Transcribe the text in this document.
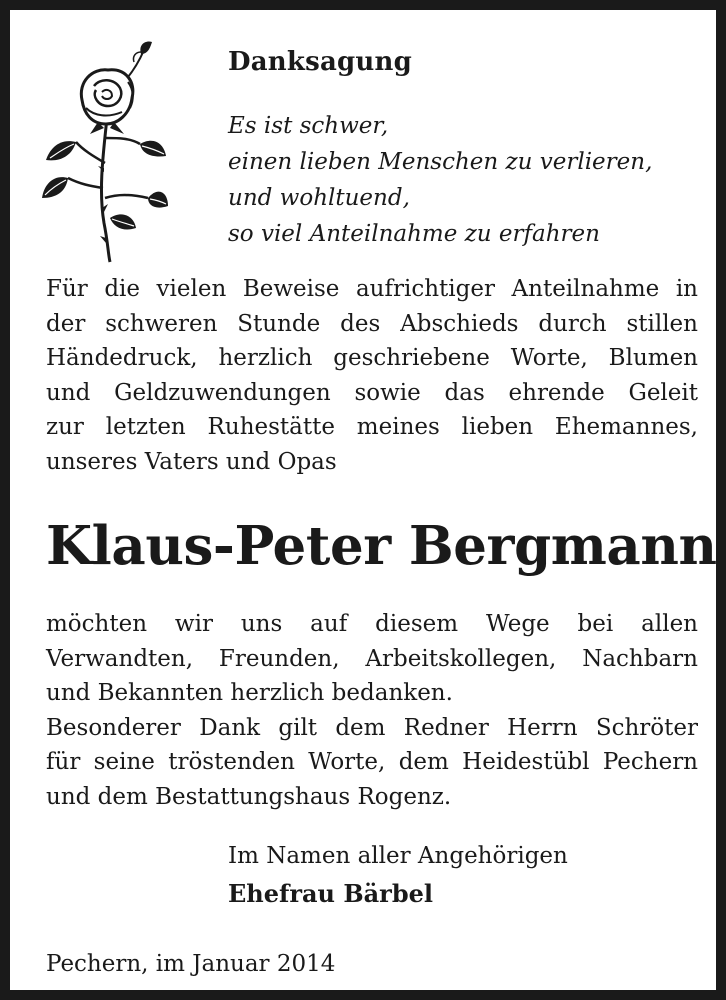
Danksagung
Es ist schwer,
einen lieben Menschen zu verlieren,
und wohltuend,
so viel Anteilnahme zu erfahren
Für die vielen Beweise aufrichtiger Anteilnahme in
der schweren Stunde des Abschieds durch stillen
Händedruck, herzlich geschriebene Worte, Blumen
und Geldzuwendungen sowie das ehrende Geleit
zur letzten Ruhestätte meines lieben Ehemannes,
unseres Vaters und Opas
Klaus-Peter Bergmann
möchten wir uns auf diesem Wege bei allen
Verwandten, Freunden, Arbeitskollegen, Nachbarn
und Bekannten herzlich bedanken.
Besonderer Dank gilt dem Redner Herrn Schröter
für seine tröstenden Worte, dem Heidestübl Pechern
und dem Bestattungshaus Rogenz.
Im Namen aller Angehörigen
Ehefrau Bärbel
Pechern, im Januar 2014
